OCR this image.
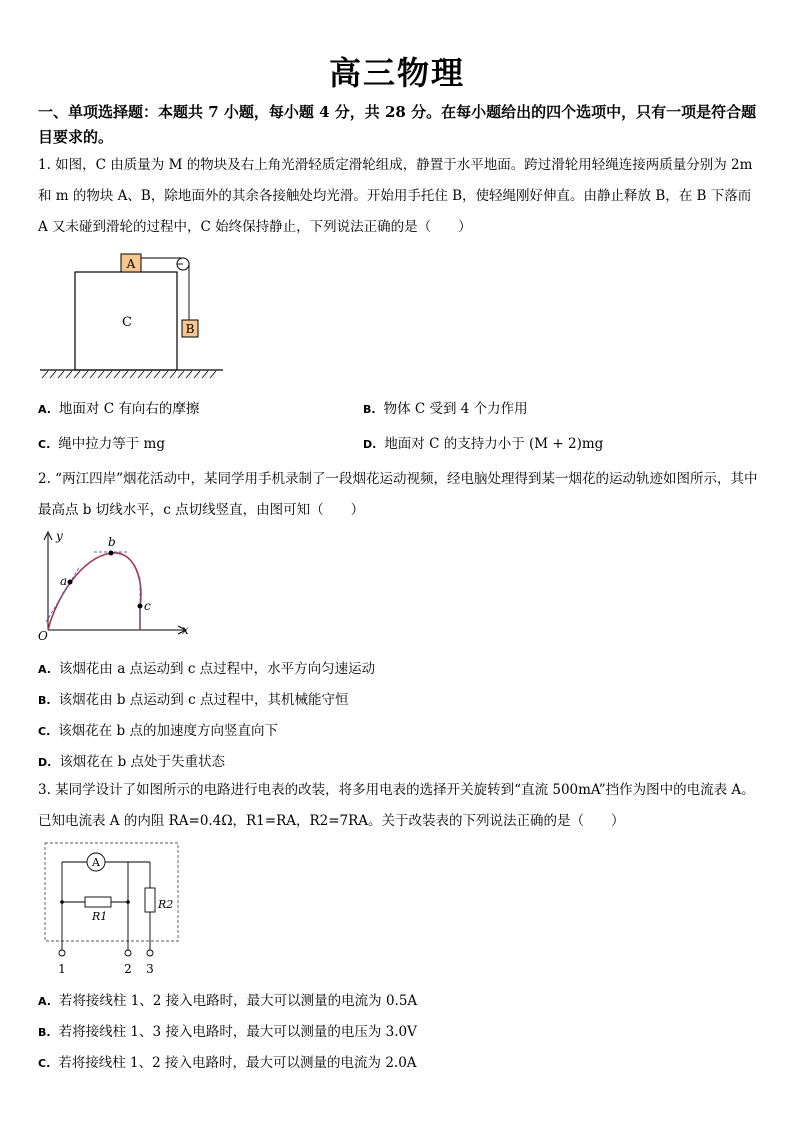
高三物理
一、单项选择题：本题共 7 小题，每小题 4 分，共 28 分。在每小题给出的四个选项中，只有一项是符合题目要求的。
1. 如图，C 由质量为 M 的物块及右上角光滑轻质定滑轮组成，静置于水平地面。跨过滑轮用轻绳连接两质量分别为 2m 和 m 的物块 A、B，除地面外的其余各接触处均光滑。开始用手托住 B，使轻绳刚好伸直。由静止释放 B，在 B 下落而 A 又未碰到滑轮的过程中，C 始终保持静止，下列说法正确的是（　　）
A
B
C
A. 地面对 C 有向右的摩擦	B. 物体 C 受到 4 个力作用
C. 绳中拉力等于 mg	D. 地面对 C 的支持力小于 (M + 2)mg
2. “两江四岸”烟花活动中，某同学用手机录制了一段烟花运动视频，经电脑处理得到某一烟花的运动轨迹如图所示，其中最高点 b 切线水平，c 点切线竖直，由图可知（　　）
y
x
O
a
b
c
A. 该烟花由 a 点运动到 c 点过程中，水平方向匀速运动
B. 该烟花由 b 点运动到 c 点过程中，其机械能守恒
C. 该烟花在 b 点的加速度方向竖直向下
D. 该烟花在 b 点处于失重状态
3. 某同学设计了如图所示的电路进行电表的改装，将多用电表的选择开关旋转到“直流 500mA”挡作为图中的电流表 A。已知电流表 A 的内阻 RA=0.4Ω，R1=RA，R2=7RA。关于改装表的下列说法正确的是（　　）
A
R2
R1
1	2 3
A. 若将接线柱 1、2 接入电路时，最大可以测量的电流为 0.5A
B. 若将接线柱 1、3 接入电路时，最大可以测量的电压为 3.0V
C. 若将接线柱 1、2 接入电路时，最大可以测量的电流为 2.0A
